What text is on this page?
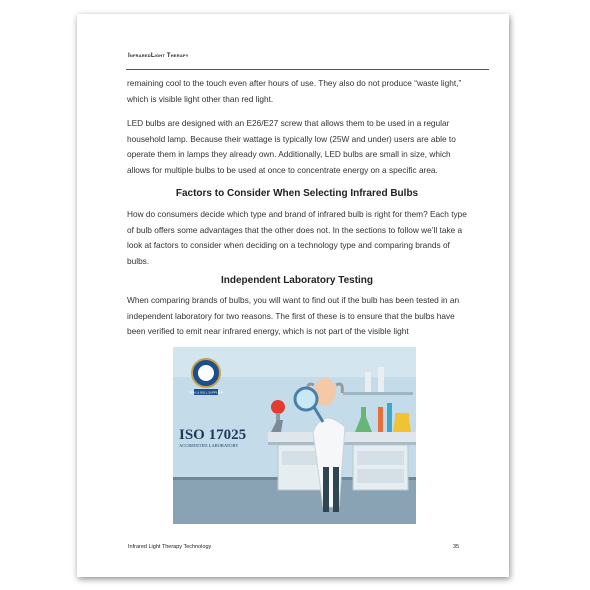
InfraredLight Therapy

remaining cool to the touch even after hours of use. They also do not produce “waste light,” which is visible light other than red light.

LED bulbs are designed with an E26/E27 screw that allows them to be used in a regular household lamp. Because their wattage is typically low (25W and under) users are able to operate them in lamps they already own. Additionally, LED bulbs are small in size, which allows for multiple bulbs to be used at once to concentrate energy on a specific area.

Factors to Consider When Selecting Infrared Bulbs

How do consumers decide which type and brand of infrared bulb is right for them? Each type of bulb offers some advantages that the other does not. In the sections to follow we’ll take a look at factors to consider when deciding on a technology type and comparing brands of bulbs.

Independent Laboratory Testing

When comparing brands of bulbs, you will want to find out if the bulb has been tested in an independent laboratory for two reasons. The first of these is to ensure that the bulbs have been verified to emit near infrared energy, which is not part of the visible light

DPAL & DELL SUPPLIER
ISO 17025
ACCREDITED LABORATORY
Infrared Light Therapy Technology	35
